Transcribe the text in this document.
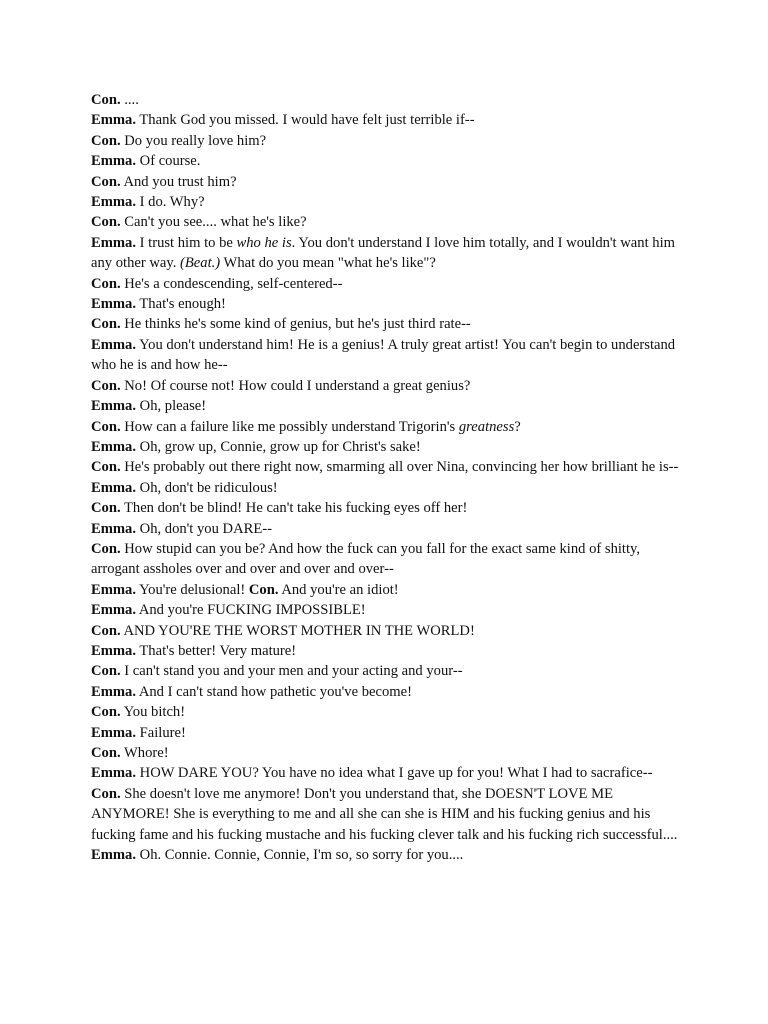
Con. ....

Emma. Thank God you missed. I would have felt just terrible if--

Con. Do you really love him?

Emma. Of course.

Con. And you trust him?

Emma. I do. Why?

Con. Can't you see.... what he's like?

Emma. I trust him to be who he is. You don't understand I love him totally, and I wouldn't want him any other way. (Beat.) What do you mean "what he's like"?

Con. He's a condescending, self-centered--

Emma. That's enough!

Con. He thinks he's some kind of genius, but he's just third rate--

Emma. You don't understand him! He is a genius! A truly great artist! You can't begin to understand who he is and how he--

Con. No! Of course not! How could I understand a great genius?

Emma. Oh, please!

Con. How can a failure like me possibly understand Trigorin's greatness?

Emma. Oh, grow up, Connie, grow up for Christ's sake!

Con. He's probably out there right now, smarming all over Nina, convincing her how brilliant he is--

Emma. Oh, don't be ridiculous!

Con. Then don't be blind! He can't take his fucking eyes off her!

Emma. Oh, don't you DARE--

Con. How stupid can you be? And how the fuck can you fall for the exact same kind of shitty, arrogant assholes over and over and over and over--

Emma. You're delusional! Con. And you're an idiot!

Emma. And you're FUCKING IMPOSSIBLE!

Con. AND YOU'RE THE WORST MOTHER IN THE WORLD!

Emma. That's better! Very mature!

Con. I can't stand you and your men and your acting and your--

Emma. And I can't stand how pathetic you've become!

Con. You bitch!

Emma. Failure!

Con. Whore!

Emma. HOW DARE YOU? You have no idea what I gave up for you! What I had to sacrafice--

Con. She doesn't love me anymore! Don't you understand that, she DOESN'T LOVE ME ANYMORE! She is everything to me and all she can she is HIM and his fucking genius and his fucking fame and his fucking mustache and his fucking clever talk and his fucking rich successful....

Emma. Oh. Connie. Connie, Connie, I'm so, so sorry for you....
